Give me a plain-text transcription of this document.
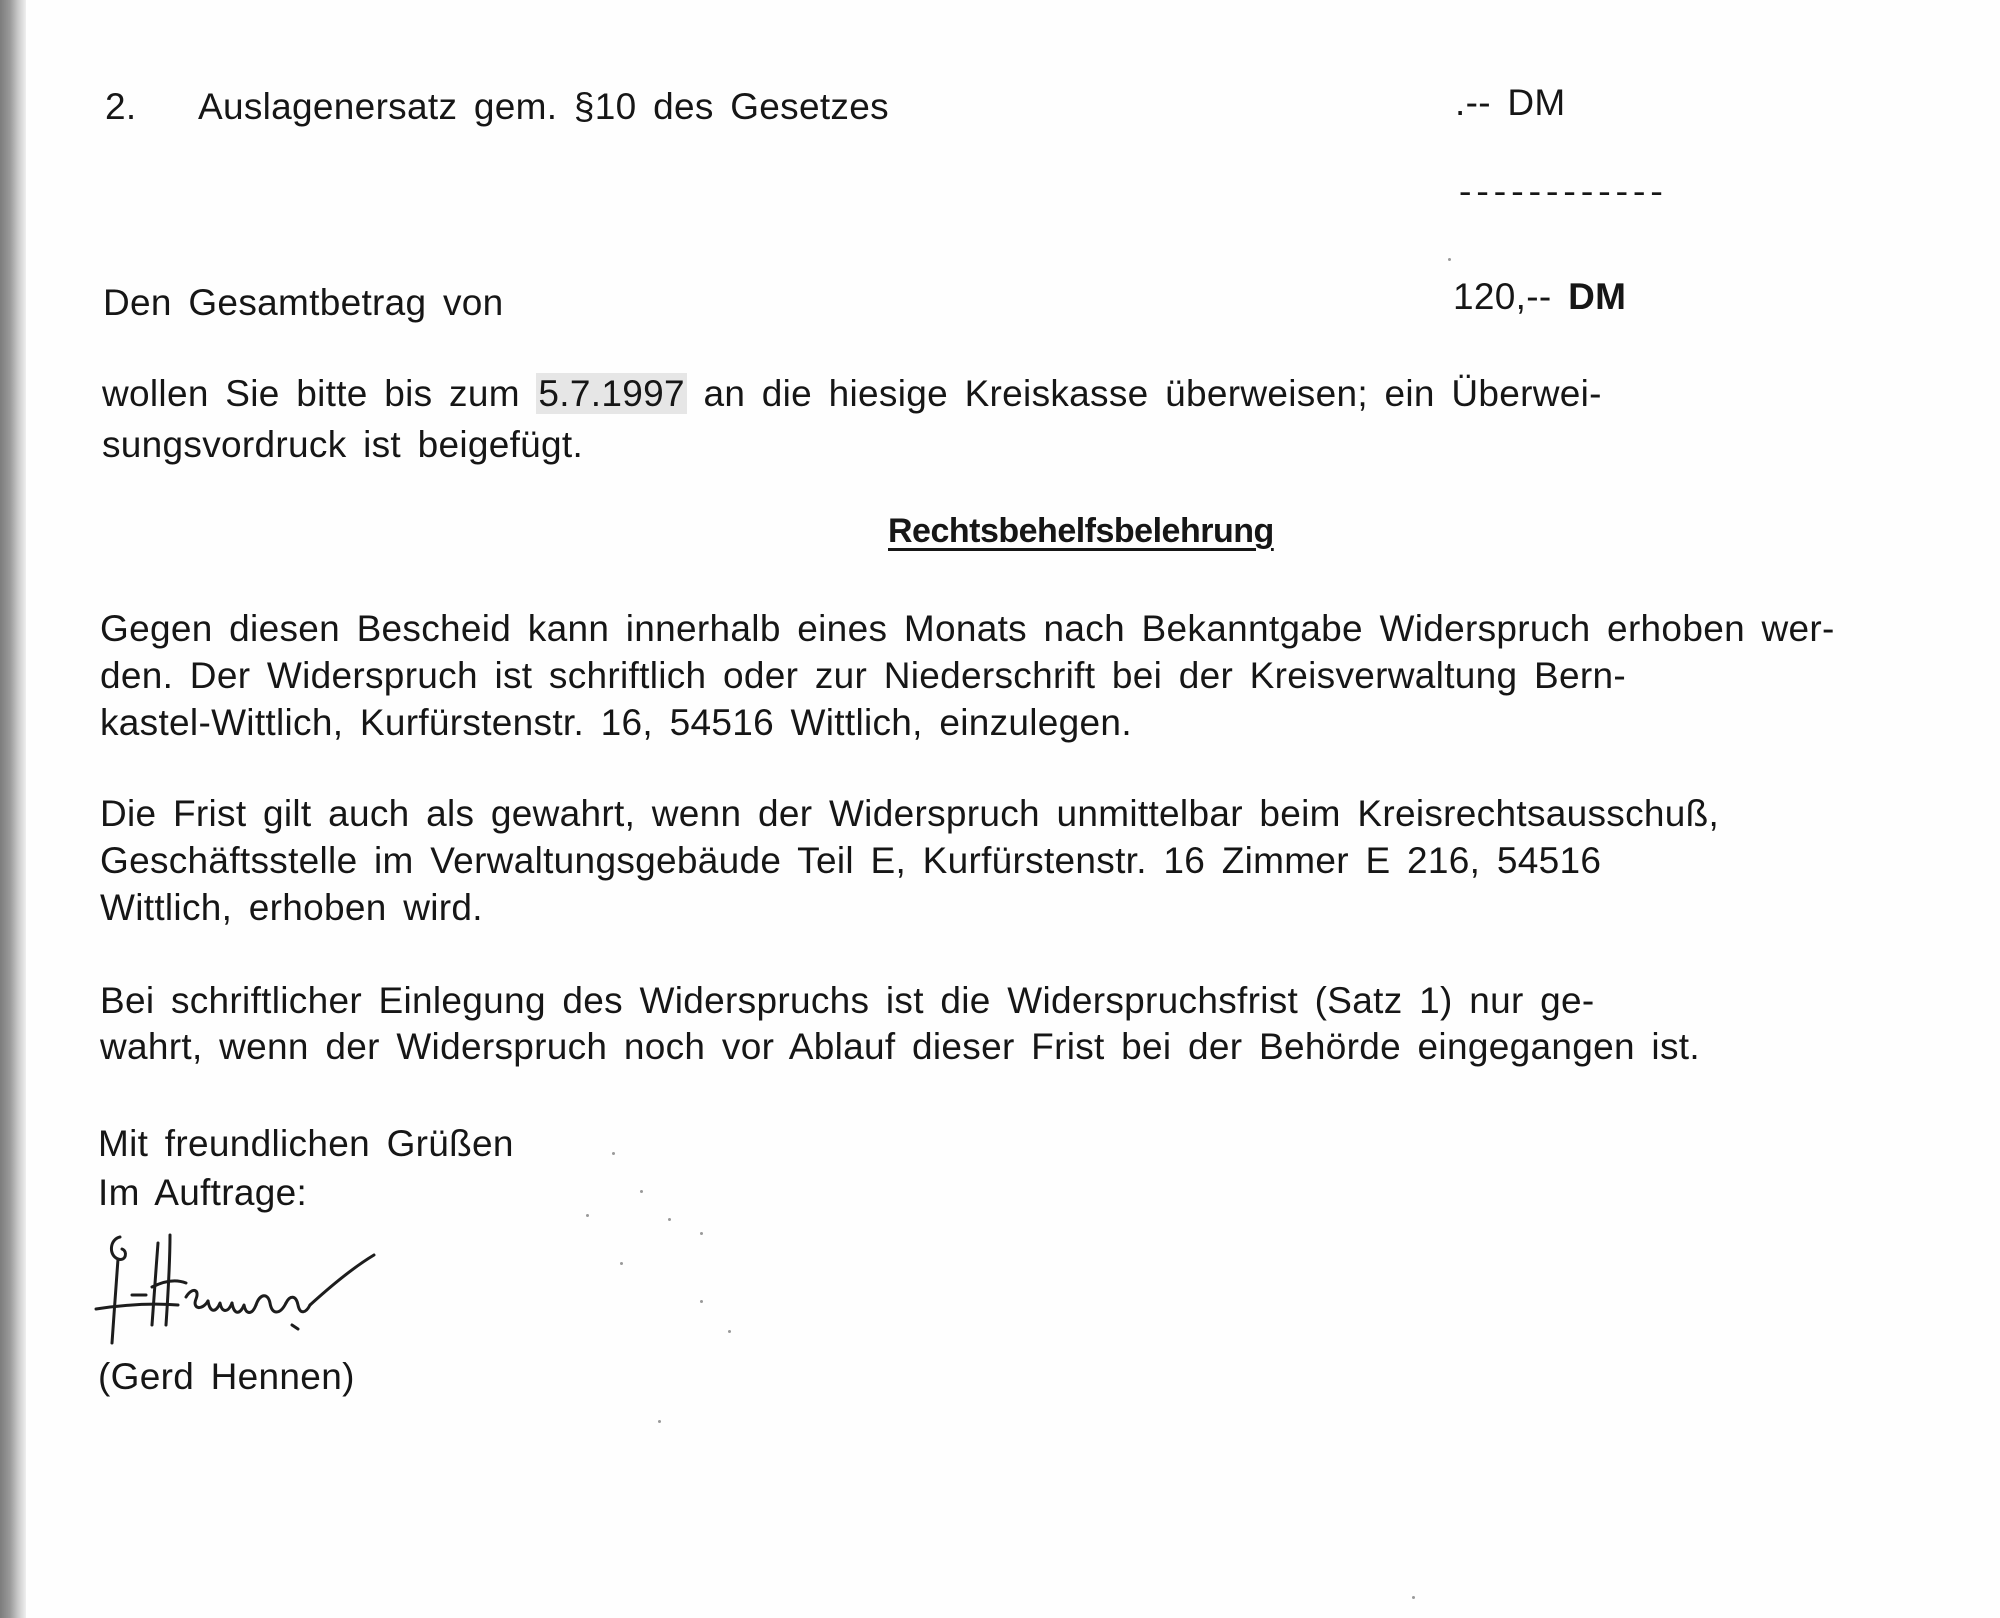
2. Auslagenersatz gem. §10 des Gesetzes	.-- DM
------------
Den Gesamtbetrag von	120,-- DM
wollen Sie bitte bis zum 5.7.1997 an die hiesige Kreiskasse überweisen; ein Überwei-
sungsvordruck ist beigefügt.
Rechtsbehelfsbelehrung
Gegen diesen Bescheid kann innerhalb eines Monats nach Bekanntgabe Widerspruch erhoben wer-
den. Der Widerspruch ist schriftlich oder zur Niederschrift bei der Kreisverwaltung Bern-
kastel-Wittlich, Kurfürstenstr. 16, 54516 Wittlich, einzulegen.
Die Frist gilt auch als gewahrt, wenn der Widerspruch unmittelbar beim Kreisrechtsausschuß,
Geschäftsstelle im Verwaltungsgebäude Teil E, Kurfürstenstr. 16 Zimmer E 216, 54516
Wittlich, erhoben wird.
Bei schriftlicher Einlegung des Widerspruchs ist die Widerspruchsfrist (Satz 1) nur ge-
wahrt, wenn der Widerspruch noch vor Ablauf dieser Frist bei der Behörde eingegangen ist.
Mit freundlichen Grüßen
Im Auftrage:
(Gerd Hennen)
